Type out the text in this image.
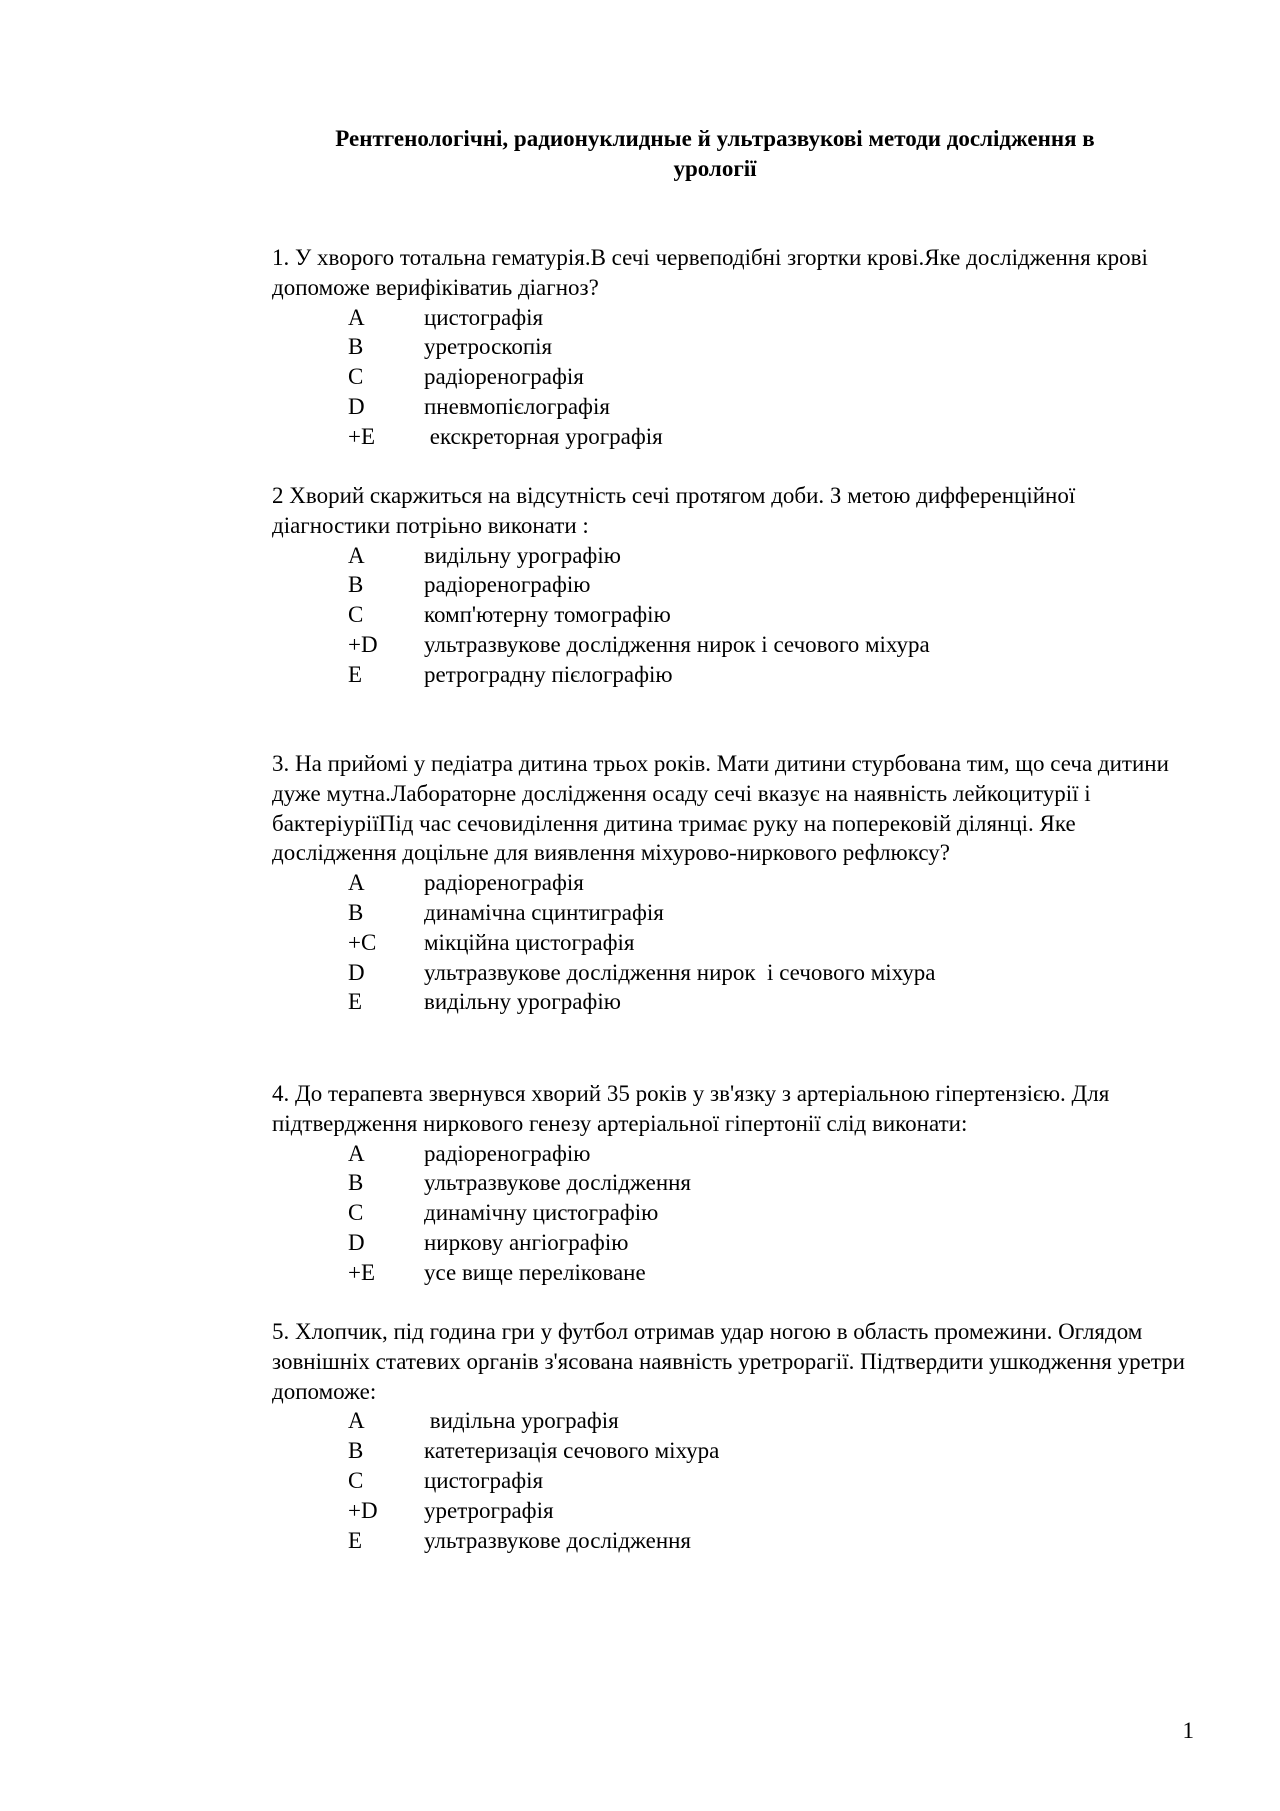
Рентгенологічні, радионуклидные й ультразвукові методи дослідження в
урології

1. У хворого тотальна гематурія.В сечі червеподібні згортки крові.Яке дослідження крові допоможе верифіківатиь діагноз?

A	цистографія
B	уретроскопія
C	радіоренографія
D	пневмопієлографія
+E	екскреторная урографія

2 Хворий скаржиться на відсутність сечі протягом доби. З метою дифференційної діагностики потріьно виконати :

A	видільну урографію
B	радіоренографію
C	комп'ютерну томографію
+D	ультразвукове дослідження нирок і сечового міхура
E	ретроградну пієлографію

3. На прийомі у педіатра дитина трьох років. Мати дитини стурбована тим, що сеча дитини дуже мутна.Лабораторне дослідження осаду сечі вказує на наявність лейкоцитурії і бактеріуріїПід час сечовиділення дитина тримає руку на поперековій ділянці. Яке дослідження доцільне для виявлення міхурово-ниркового рефлюксу?

A	радіоренографія
B	динамічна сцинтиграфія
+C	мікційна цистографія
D	ультразвукове дослідження нирок  і сечового міхура
E	видільну урографію

4. До терапевта звернувся хворий 35 років у зв'язку з артеріальною гіпертензією. Для підтвердження ниркового генезу артеріальної гіпертонії слід виконати:

A	радіоренографію
B	ультразвукове дослідження
C	динамічну цистографію
D	ниркову ангіографію
+E	усе вище переліковане

5. Хлопчик, під година гри у футбол отримав удар ногою в область промежини. Оглядом зовнішніх статевих органів з'ясована наявність уретрорагії. Підтвердити ушкодження уретри допоможе:

A	видільна урографія
B	катетеризація сечового міхура
C	цистографія
+D	уретрографія
E	ультразвукове дослідження
1
